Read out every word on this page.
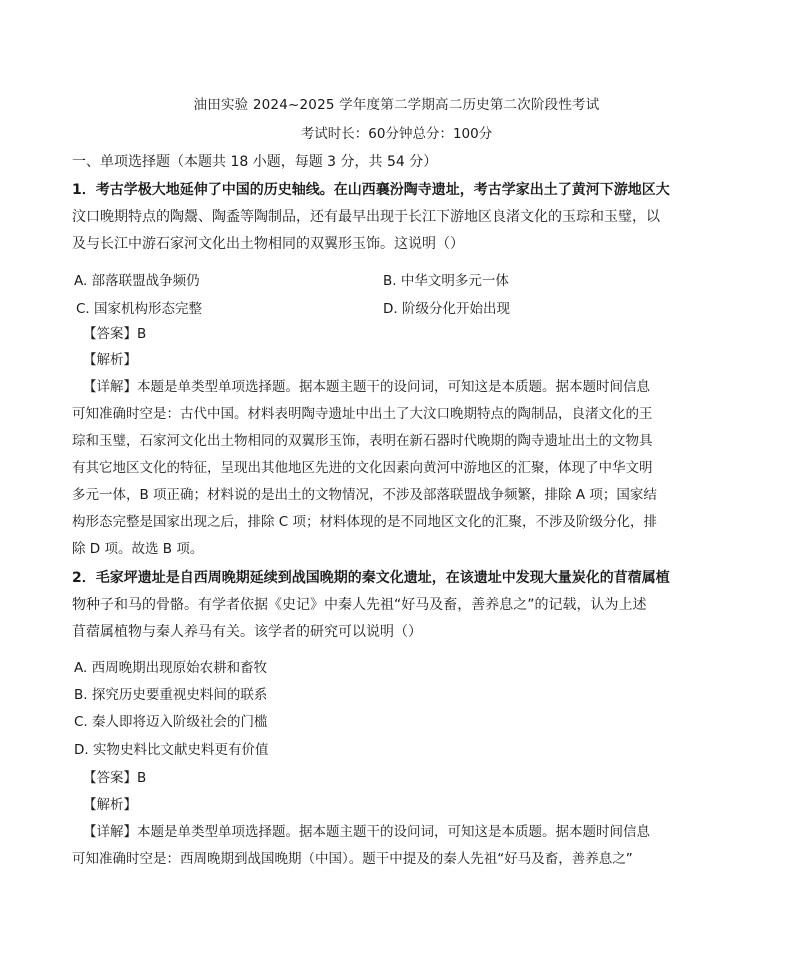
油田实验 2024~2025 学年度第二学期高二历史第二次阶段性考试
考试时长：60分钟总分：100分
一、单项选择题（本题共 18 小题，每题 3 分，共 54 分）
1．考古学极大地延伸了中国的历史轴线。在山西襄汾陶寺遗址，考古学家出土了黄河下游地区大
汶口晚期特点的陶鬶、陶盉等陶制品，还有最早出现于长江下游地区良渚文化的玉琮和玉璧，以
及与长江中游石家河文化出土物相同的双翼形玉饰。这说明（）
A. 部落联盟战争频仍	B. 中华文明多元一体
C. 国家机构形态完整	D. 阶级分化开始出现
【答案】B
【解析】
【详解】本题是单类型单项选择题。据本题主题干的设问词，可知这是本质题。据本题时间信息
可知准确时空是：古代中国。材料表明陶寺遗址中出土了大汶口晚期特点的陶制品，良渚文化的王
琮和玉璧，石家河文化出土物相同的双翼形玉饰，表明在新石器时代晚期的陶寺遗址出土的文物具
有其它地区文化的特征，呈现出其他地区先进的文化因素向黄河中游地区的汇聚，体现了中华文明
多元一体，B 项正确；材料说的是出土的文物情况，不涉及部落联盟战争频繁，排除 A 项；国家结
构形态完整是国家出现之后，排除 C 项；材料体现的是不同地区文化的汇聚，不涉及阶级分化，排
除 D 项。故选 B 项。
2．毛家坪遗址是自西周晚期延续到战国晚期的秦文化遗址，在该遗址中发现大量炭化的苜蓿属植
物种子和马的骨骼。有学者依据《史记》中秦人先祖“好马及畜，善养息之”的记载，认为上述
苜蓿属植物与秦人养马有关。该学者的研究可以说明（）
A. 西周晚期出现原始农耕和畜牧
B. 探究历史要重视史料间的联系
C. 秦人即将迈入阶级社会的门槛
D. 实物史料比文献史料更有价值
【答案】B
【解析】
【详解】本题是单类型单项选择题。据本题主题干的设问词，可知这是本质题。据本题时间信息
可知准确时空是：西周晚期到战国晚期（中国）。题干中提及的秦人先祖“好马及畜，善养息之”
